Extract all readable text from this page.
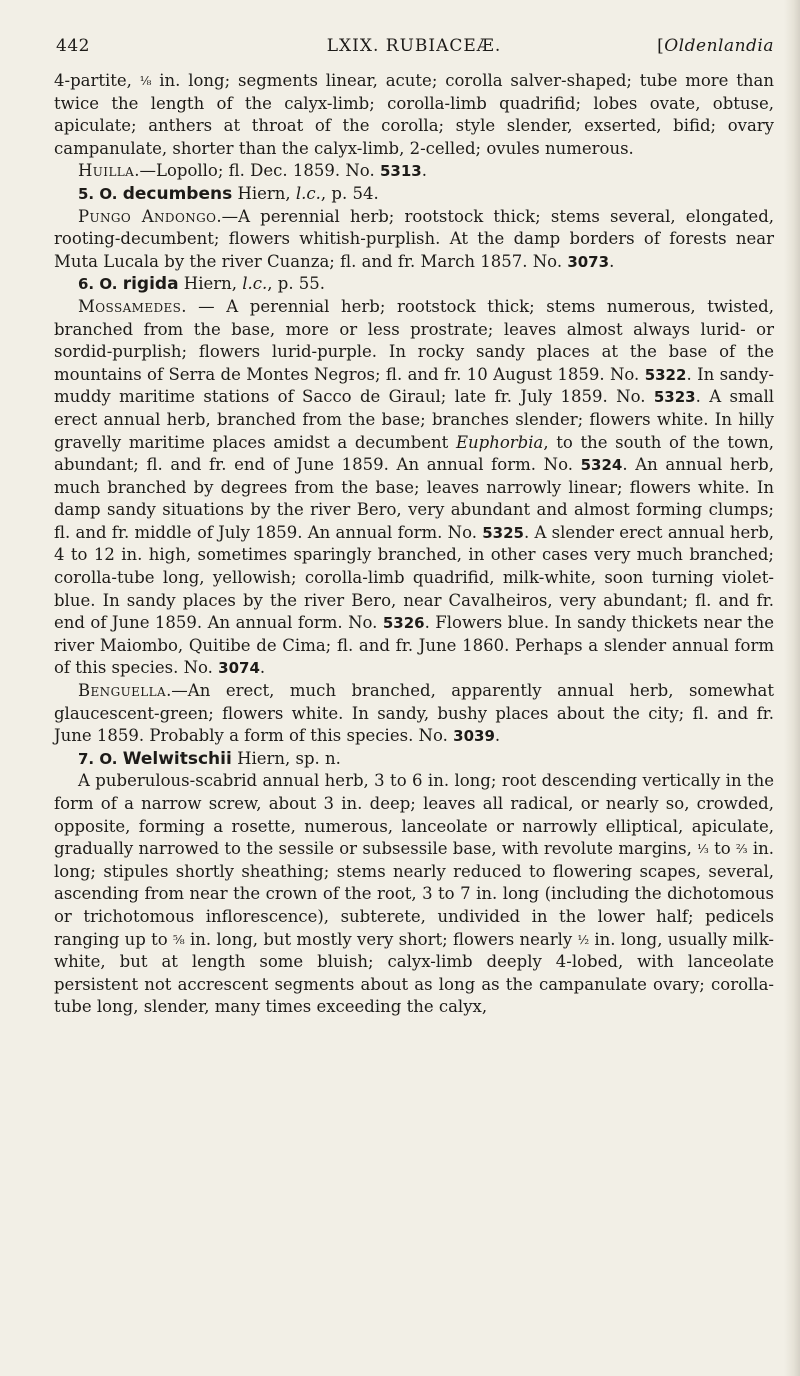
442	LXIX. RUBIACEÆ.	[Oldenlandia

4-partite, ⅛ in. long; segments linear, acute; corolla salver-shaped; tube more than twice the length of the calyx-limb; corolla-limb quadrifid; lobes ovate, obtuse, apiculate; anthers at throat of the corolla; style slender, exserted, bifid; ovary campanulate, shorter than the calyx-limb, 2-celled; ovules numerous.

Huilla.—Lopollo; fl. Dec. 1859. No. 5313.

5. O. decumbens Hiern, l.c., p. 54.

Pungo Andongo.—A perennial herb; rootstock thick; stems several, elongated, rooting-decumbent; flowers whitish-purplish. At the damp borders of forests near Muta Lucala by the river Cuanza; fl. and fr. March 1857. No. 3073.

6. O. rigida Hiern, l.c., p. 55.

Mossamedes. — A perennial herb; rootstock thick; stems numerous, twisted, branched from the base, more or less prostrate; leaves almost always lurid- or sordid-purplish; flowers lurid-purple. In rocky sandy places at the base of the mountains of Serra de Montes Negros; fl. and fr. 10 August 1859. No. 5322. In sandy-muddy maritime stations of Sacco de Giraul; late fr. July 1859. No. 5323. A small erect annual herb, branched from the base; branches slender; flowers white. In hilly gravelly maritime places amidst a decumbent Euphorbia, to the south of the town, abundant; fl. and fr. end of June 1859. An annual form. No. 5324. An annual herb, much branched by degrees from the base; leaves narrowly linear; flowers white. In damp sandy situations by the river Bero, very abundant and almost forming clumps; fl. and fr. middle of July 1859. An annual form. No. 5325. A slender erect annual herb, 4 to 12 in. high, sometimes sparingly branched, in other cases very much branched; corolla-tube long, yellowish; corolla-limb quadrifid, milk-white, soon turning violet-blue. In sandy places by the river Bero, near Cavalheiros, very abundant; fl. and fr. end of June 1859. An annual form. No. 5326. Flowers blue. In sandy thickets near the river Maiombo, Quitibe de Cima; fl. and fr. June 1860. Perhaps a slender annual form of this species. No. 3074.

Benguella.—An erect, much branched, apparently annual herb, somewhat glaucescent-green; flowers white. In sandy, bushy places about the city; fl. and fr. June 1859. Probably a form of this species. No. 3039.

7. O. Welwitschii Hiern, sp. n.

A puberulous-scabrid annual herb, 3 to 6 in. long; root descending vertically in the form of a narrow screw, about 3 in. deep; leaves all radical, or nearly so, crowded, opposite, forming a rosette, numerous, lanceolate or narrowly elliptical, apiculate, gradually narrowed to the sessile or subsessile base, with revolute margins, ⅓ to ⅔ in. long; stipules shortly sheathing; stems nearly reduced to flowering scapes, several, ascending from near the crown of the root, 3 to 7 in. long (including the dichotomous or trichotomous inflorescence), subterete, undivided in the lower half; pedicels ranging up to ⅝ in. long, but mostly very short; flowers nearly ½ in. long, usually milk-white, but at length some bluish; calyx-limb deeply 4-lobed, with lanceolate persistent not accrescent segments about as long as the campanulate ovary; corolla-tube long, slender, many times exceeding the calyx,
